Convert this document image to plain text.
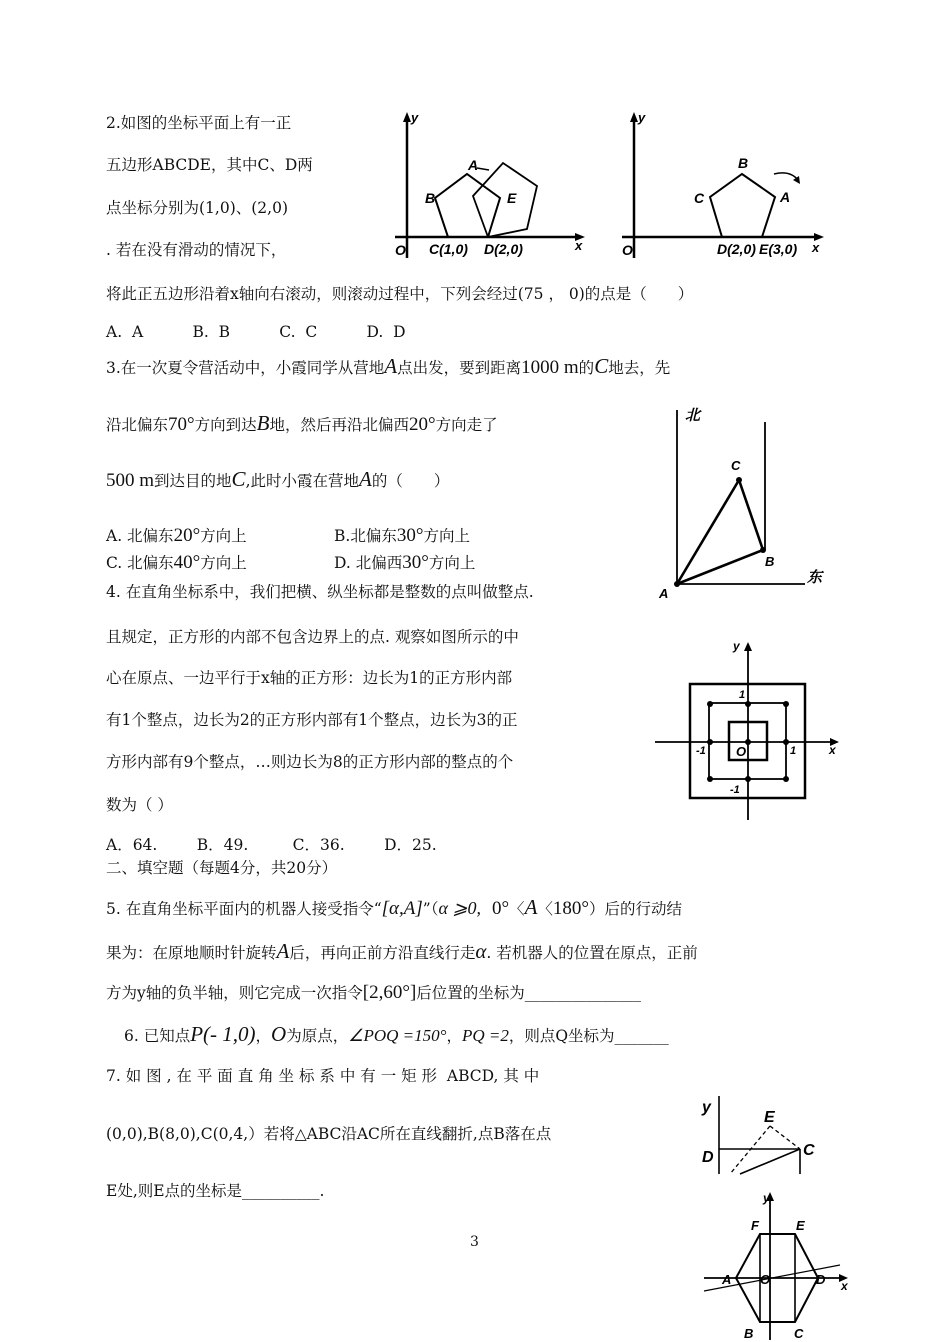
2.如图的坐标平面上有一正
五边形ABCDE，其中C、D两
点坐标分别为(1,0)、(2,0)
. 若在没有滑动的情况下，
将此正五边形沿着x轴向右滚动，则滚动过程中，下列会经过(75 ， 0)的点是（　　）
A.  A          B.  B          C.  C          D.  D
y
x
O
A
B	E
C(1,0) D(2,0)
y
x
O
B
C	A
D(2,0) E(3,0)
3.在一次夏令营活动中，小霞同学从营地A点出发，要到距离1000 m的C地去，先
沿北偏东70°方向到达B地，然后再沿北偏西20°方向走了
500 m到达目的地C,此时小霞在营地A的（　　）
A. 北偏东20°方向上	B.北偏东30°方向上
C. 北偏东40°方向上	D. 北偏西30°方向上
北
东
A
B
C
4. 在直角坐标系中，我们把横、纵坐标都是整数的点叫做整点.
且规定，正方形的内部不包含边界上的点. 观察如图所示的中
心在原点、一边平行于x轴的正方形：边长为1的正方形内部
有1个整点，边长为2的正方形内部有1个整点，边长为3的正
方形内部有9个整点，…则边长为8的正方形内部的整点的个
数为（ ）
A．64.        B．49.         C．36.        D．25.
y
x
O
1
1
-1
-1
二、填空题（每题4分，共20分）
5. 在直角坐标平面内的机器人接受指令“[α,A]”（α ⩾0, 0°〈A〈180°）后的行动结
果为：在原地顺时针旋转A后，再向正前方沿直线行走α. 若机器人的位置在原点，正前
方为y轴的负半轴，则它完成一次指令[2,60°]后位置的坐标为_______________
6. 已知点P(- 1,0)，O为原点，∠POQ =150°，PQ =2，则点Q坐标为_______
7. 如 图 , 在 平 面 直 角 坐 标 系 中 有 一 矩 形  ABCD, 其 中
(0,0),B(8,0),C(0,4,）若将△ABC沿AC所在直线翻折,点B落在点
E处,则E点的坐标是__________.
y
E
D	C
3
y
x
O
A	D
F	E
B	C
